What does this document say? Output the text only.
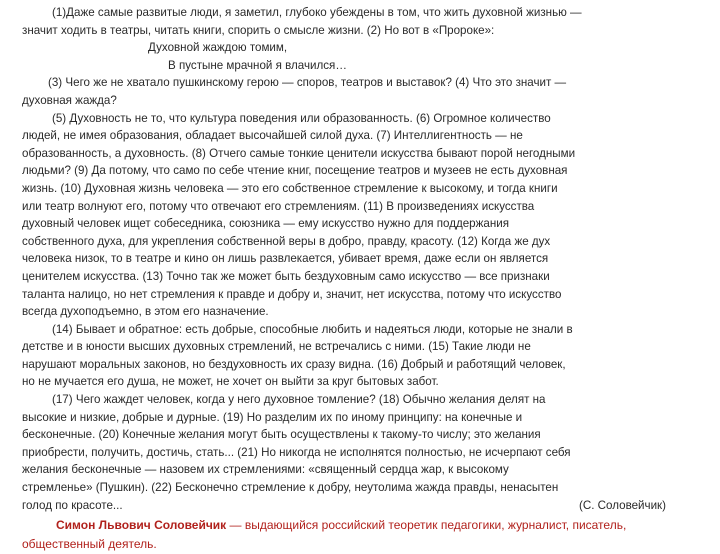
(1)Даже самые развитые люди, я заметил, глубоко убеждены в том, что жить духовной жизнью —
значит ходить в театры, читать книги, спорить о смысле жизни. (2) Но вот в «Пророке»:
Духовной жаждою томим,
В пустыне мрачной я влачился…
(3) Чего же не хватало пушкинскому герою — споров, театров и выставок? (4) Что это значит —
духовная жажда?
(5) Духовность не то, что культура поведения или образованность. (6) Огромное количество
людей, не имея образования, обладает высочайшей силой духа. (7) Интеллигентность — не
образованность, а духовность. (8) Отчего самые тонкие ценители искусства бывают порой негодными
людьми? (9) Да потому, что само по себе чтение книг, посещение театров и музеев не есть духовная
жизнь. (10) Духовная жизнь человека — это его собственное стремление к высокому, и тогда книги
или театр волнуют его, потому что отвечают его стремлениям. (11) В произведениях искусства
духовный человек ищет собеседника, союзника — ему искусство нужно для поддержания
собственного духа, для укрепления собственной веры в добро, правду, красоту. (12) Когда же дух
человека низок, то в театре и кино он лишь развлекается, убивает время, даже если он является
ценителем искусства. (13) Точно так же может быть бездуховным само искусство — все признаки
таланта налицо, но нет стремления к правде и добру и, значит, нет искусства, потому что искусство
всегда духоподъемно, в этом его назначение.
(14) Бывает и обратное: есть добрые, способные любить и надеяться люди, которые не знали в
детстве и в юности высших духовных стремлений, не встречались с ними. (15) Такие люди не
нарушают моральных законов, но бездуховность их сразу видна. (16) Добрый и работящий человек,
но не мучается его душа, не может, не хочет он выйти за круг бытовых забот.
(17) Чего жаждет человек, когда у него духовное томление? (18) Обычно желания делят на
высокие и низкие, добрые и дурные. (19) Но разделим их по иному принципу: на конечные и
бесконечные. (20) Конечные желания могут быть осуществлены к такому-то числу; это желания
приобрести, получить, достичь, стать... (21) Но никогда не исполнятся полностью, не исчерпают себя
желания бесконечные — назовем их стремлениями: «священный сердца жар, к высокому
стремленье» (Пушкин). (22) Бесконечно стремление к добру, неутолима жажда правды, ненасытен
голод по красоте...	(С. Соловейчик)
Симон Львович Соловейчик — выдающийся российский теоретик педагогики, журналист, писатель,
общественный деятель.
